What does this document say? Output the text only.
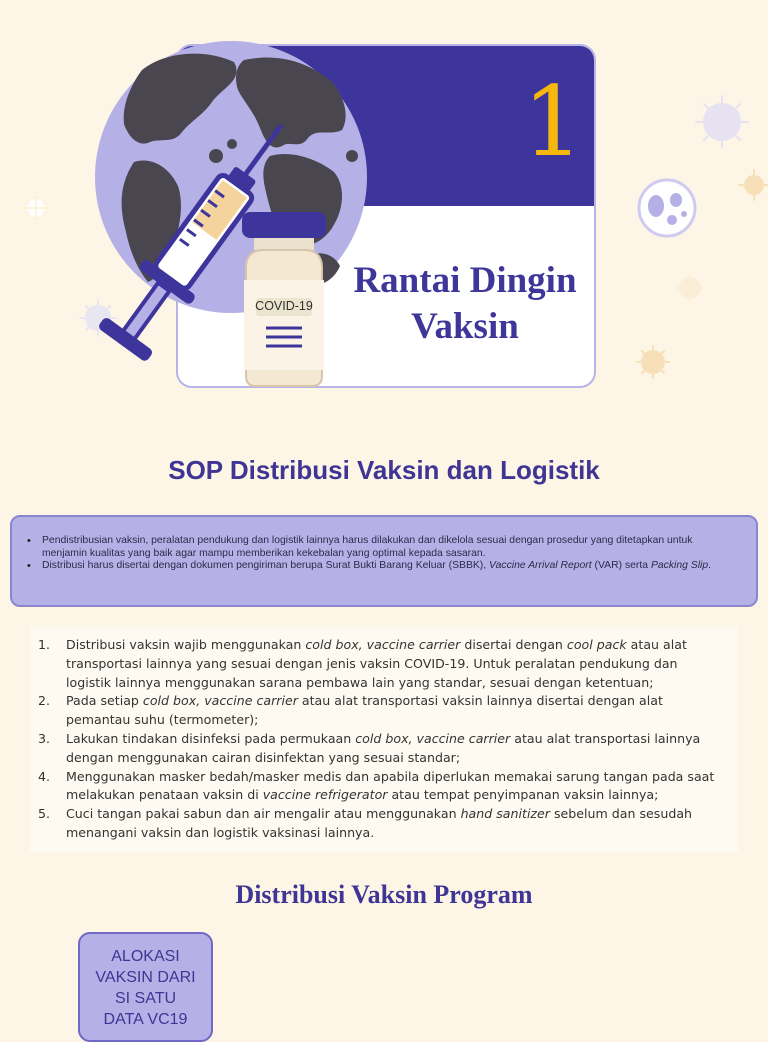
COVID-19
1
Rantai Dingin
Vaksin
SOP Distribusi Vaksin dan Logistik
• Pendistribusian vaksin, peralatan pendukung dan logistik lainnya harus dilakukan dan dikelola sesuai dengan prosedur yang ditetapkan untuk menjamin kualitas yang baik agar mampu memberikan kekebalan yang optimal kepada sasaran.
• Distribusi harus disertai dengan dokumen pengiriman berupa Surat Bukti Barang Keluar (SBBK), Vaccine Arrival Report (VAR) serta Packing Slip.
1. Distribusi vaksin wajib menggunakan cold box, vaccine carrier disertai dengan cool pack atau alat transportasi lainnya yang sesuai dengan jenis vaksin COVID-19. Untuk peralatan pendukung dan logistik lainnya menggunakan sarana pembawa lain yang standar, sesuai dengan ketentuan;
2. Pada setiap cold box, vaccine carrier atau alat transportasi vaksin lainnya disertai dengan alat pemantau suhu (termometer);
3. Lakukan tindakan disinfeksi pada permukaan cold box, vaccine carrier atau alat transportasi lainnya dengan menggunakan cairan disinfektan yang sesuai standar;
4. Menggunakan masker bedah/masker medis dan apabila diperlukan memakai sarung tangan pada saat melakukan penataan vaksin di vaccine refrigerator atau tempat penyimpanan vaksin lainnya;
5. Cuci tangan pakai sabun dan air mengalir atau menggunakan hand sanitizer sebelum dan sesudah menangani vaksin dan logistik vaksinasi lainnya.
Distribusi Vaksin Program
ALOKASI
VAKSIN DARI
SI SATU
DATA VC19
